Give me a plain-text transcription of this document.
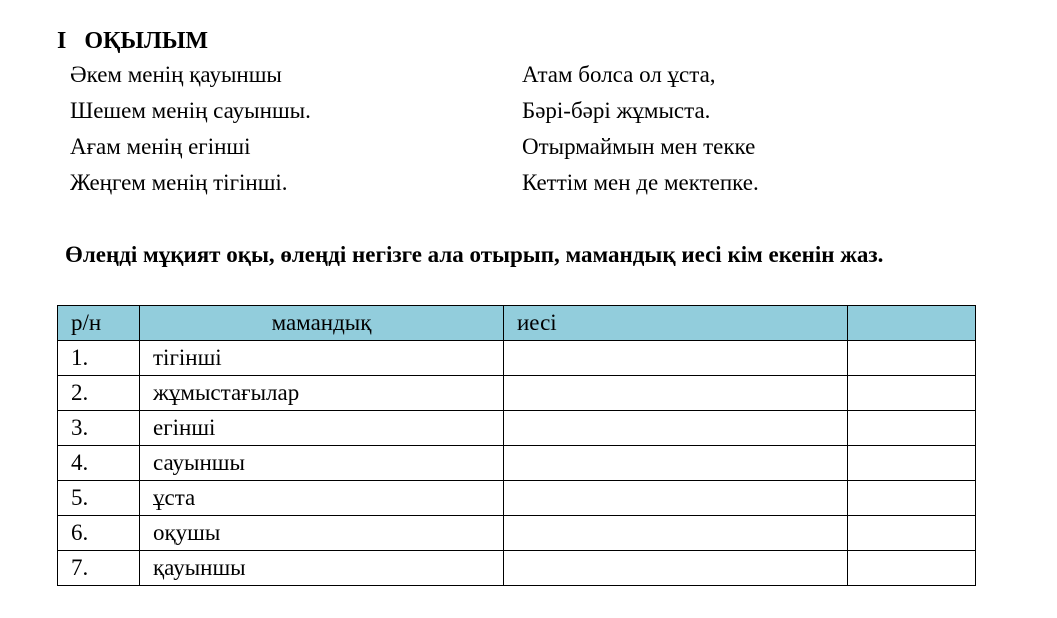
I   ОҚЫЛЫМ
Әкем менің қауыншы
Шешем менің сауыншы.
Ағам менің егінші
Жеңгем менің тігінші.
Атам болса ол ұста,
Бәрі-бәрі жұмыста.
Отырмаймын мен текке
Кеттім мен де мектепке.
Өлеңді мұқият оқы, өлеңді негізге ала отырып, мамандық иесі кім екенін жаз.
р/н	мамандық	иесі	
1.	тігінші		
2.	жұмыстағылар		
3.	егінші		
4.	сауыншы		
5.	ұста		
6.	оқушы		
7.	қауыншы		
